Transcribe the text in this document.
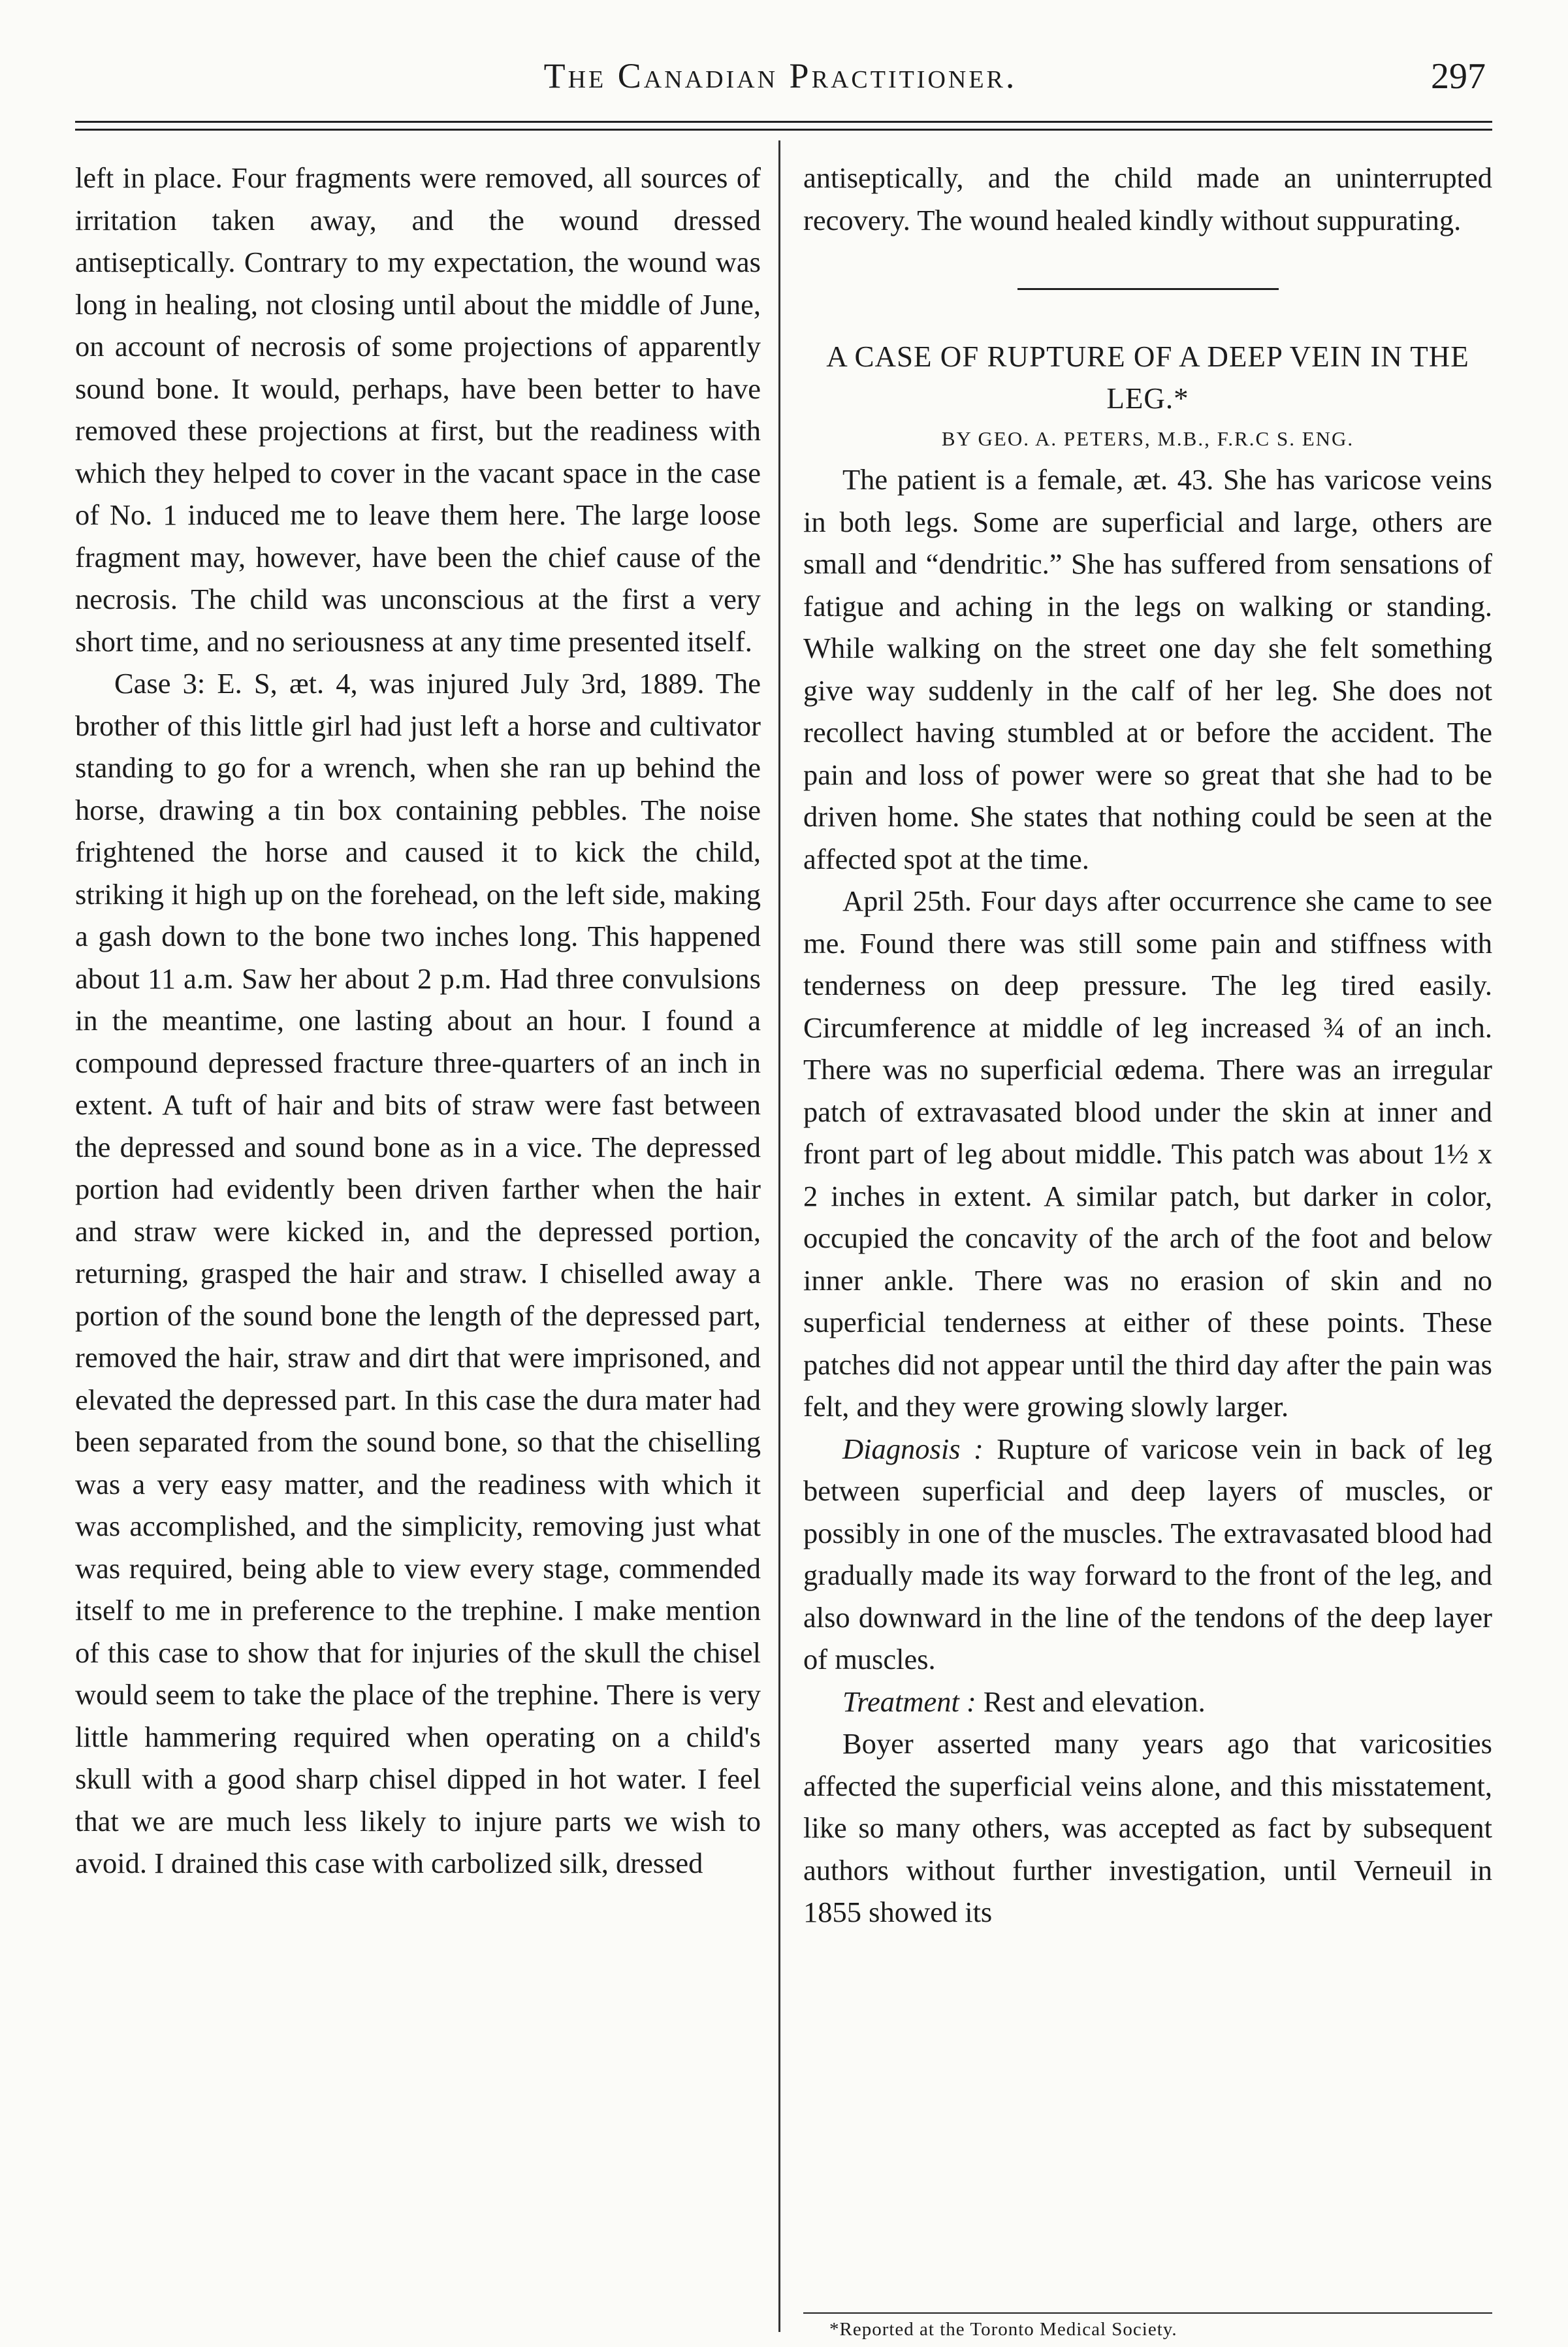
The Canadian Practitioner.	297

left in place. Four fragments were removed, all sources of irritation taken away, and the wound dressed antiseptically. Contrary to my expectation, the wound was long in healing, not closing until about the middle of June, on account of necrosis of some projections of apparently sound bone. It would, perhaps, have been better to have removed these projections at first, but the readiness with which they helped to cover in the vacant space in the case of No. 1 induced me to leave them here. The large loose fragment may, however, have been the chief cause of the necrosis. The child was unconscious at the first a very short time, and no seriousness at any time presented itself.

Case 3: E. S, æt. 4, was injured July 3rd, 1889. The brother of this little girl had just left a horse and cultivator standing to go for a wrench, when she ran up behind the horse, drawing a tin box containing pebbles. The noise frightened the horse and caused it to kick the child, striking it high up on the forehead, on the left side, making a gash down to the bone two inches long. This happened about 11 a.m. Saw her about 2 p.m. Had three convulsions in the meantime, one lasting about an hour. I found a compound depressed fracture three-quarters of an inch in extent. A tuft of hair and bits of straw were fast between the depressed and sound bone as in a vice. The depressed portion had evidently been driven farther when the hair and straw were kicked in, and the depressed portion, returning, grasped the hair and straw. I chiselled away a portion of the sound bone the length of the depressed part, removed the hair, straw and dirt that were imprisoned, and elevated the depressed part. In this case the dura mater had been separated from the sound bone, so that the chiselling was a very easy matter, and the readiness with which it was accomplished, and the simplicity, removing just what was required, being able to view every stage, commended itself to me in preference to the trephine. I make mention of this case to show that for injuries of the skull the chisel would seem to take the place of the trephine. There is very little hammering required when operating on a child's skull with a good sharp chisel dipped in hot water. I feel that we are much less likely to injure parts we wish to avoid. I drained this case with carbolized silk, dressed

antiseptically, and the child made an uninterrupted recovery. The wound healed kindly without suppurating.

A CASE OF RUPTURE OF A DEEP VEIN IN THE LEG.*

BY GEO. A. PETERS, M.B., F.R.C S. ENG.

The patient is a female, æt. 43. She has varicose veins in both legs. Some are superficial and large, others are small and “dendritic.” She has suffered from sensations of fatigue and aching in the legs on walking or standing. While walking on the street one day she felt something give way suddenly in the calf of her leg. She does not recollect having stumbled at or before the accident. The pain and loss of power were so great that she had to be driven home. She states that nothing could be seen at the affected spot at the time.

April 25th. Four days after occurrence she came to see me. Found there was still some pain and stiffness with tenderness on deep pressure. The leg tired easily. Circumference at middle of leg increased ¾ of an inch. There was no superficial œdema. There was an irregular patch of extravasated blood under the skin at inner and front part of leg about middle. This patch was about 1½ x 2 inches in extent. A similar patch, but darker in color, occupied the concavity of the arch of the foot and below inner ankle. There was no erasion of skin and no superficial tenderness at either of these points. These patches did not appear until the third day after the pain was felt, and they were growing slowly larger.

Diagnosis : Rupture of varicose vein in back of leg between superficial and deep layers of muscles, or possibly in one of the muscles. The extravasated blood had gradually made its way forward to the front of the leg, and also downward in the line of the tendons of the deep layer of muscles.

Treatment : Rest and elevation.

Boyer asserted many years ago that varicosities affected the superficial veins alone, and this misstatement, like so many others, was accepted as fact by subsequent authors without further investigation, until Verneuil in 1855 showed its

*Reported at the Toronto Medical Society.
